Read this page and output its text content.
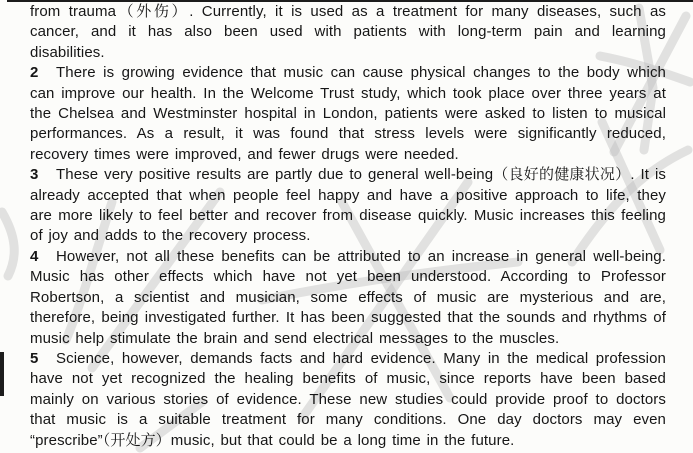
from trauma（外伤）. Currently, it is used as a treatment for many diseases, such as cancer, and it has also been used with patients with long-term pain and learning disabilities.

2 There is growing evidence that music can cause physical changes to the body which can improve our health. In the Welcome Trust study, which took place over three years at the Chelsea and Westminster hospital in London, patients were asked to listen to musical performances. As a result, it was found that stress levels were significantly reduced, recovery times were improved, and fewer drugs were needed.

3 These very positive results are partly due to general well-being（良好的健康状况）. It is already accepted that when people feel happy and have a positive approach to life, they are more likely to feel better and recover from disease quickly. Music increases this feeling of joy and adds to the recovery process.

4 However, not all these benefits can be attributed to an increase in general well-being. Music has other effects which have not yet been understood. According to Professor Robertson, a scientist and musician, some effects of music are mysterious and are, therefore, being investigated further. It has been suggested that the sounds and rhythms of music help stimulate the brain and send electrical messages to the muscles.

5 Science, however, demands facts and hard evidence. Many in the medical profession have not yet recognized the healing benefits of music, since reports have been based mainly on various stories of evidence. These new studies could provide proof to doctors that music is a suitable treatment for many conditions. One day doctors may even “prescribe”（开处方）music, but that could be a long time in the future.
